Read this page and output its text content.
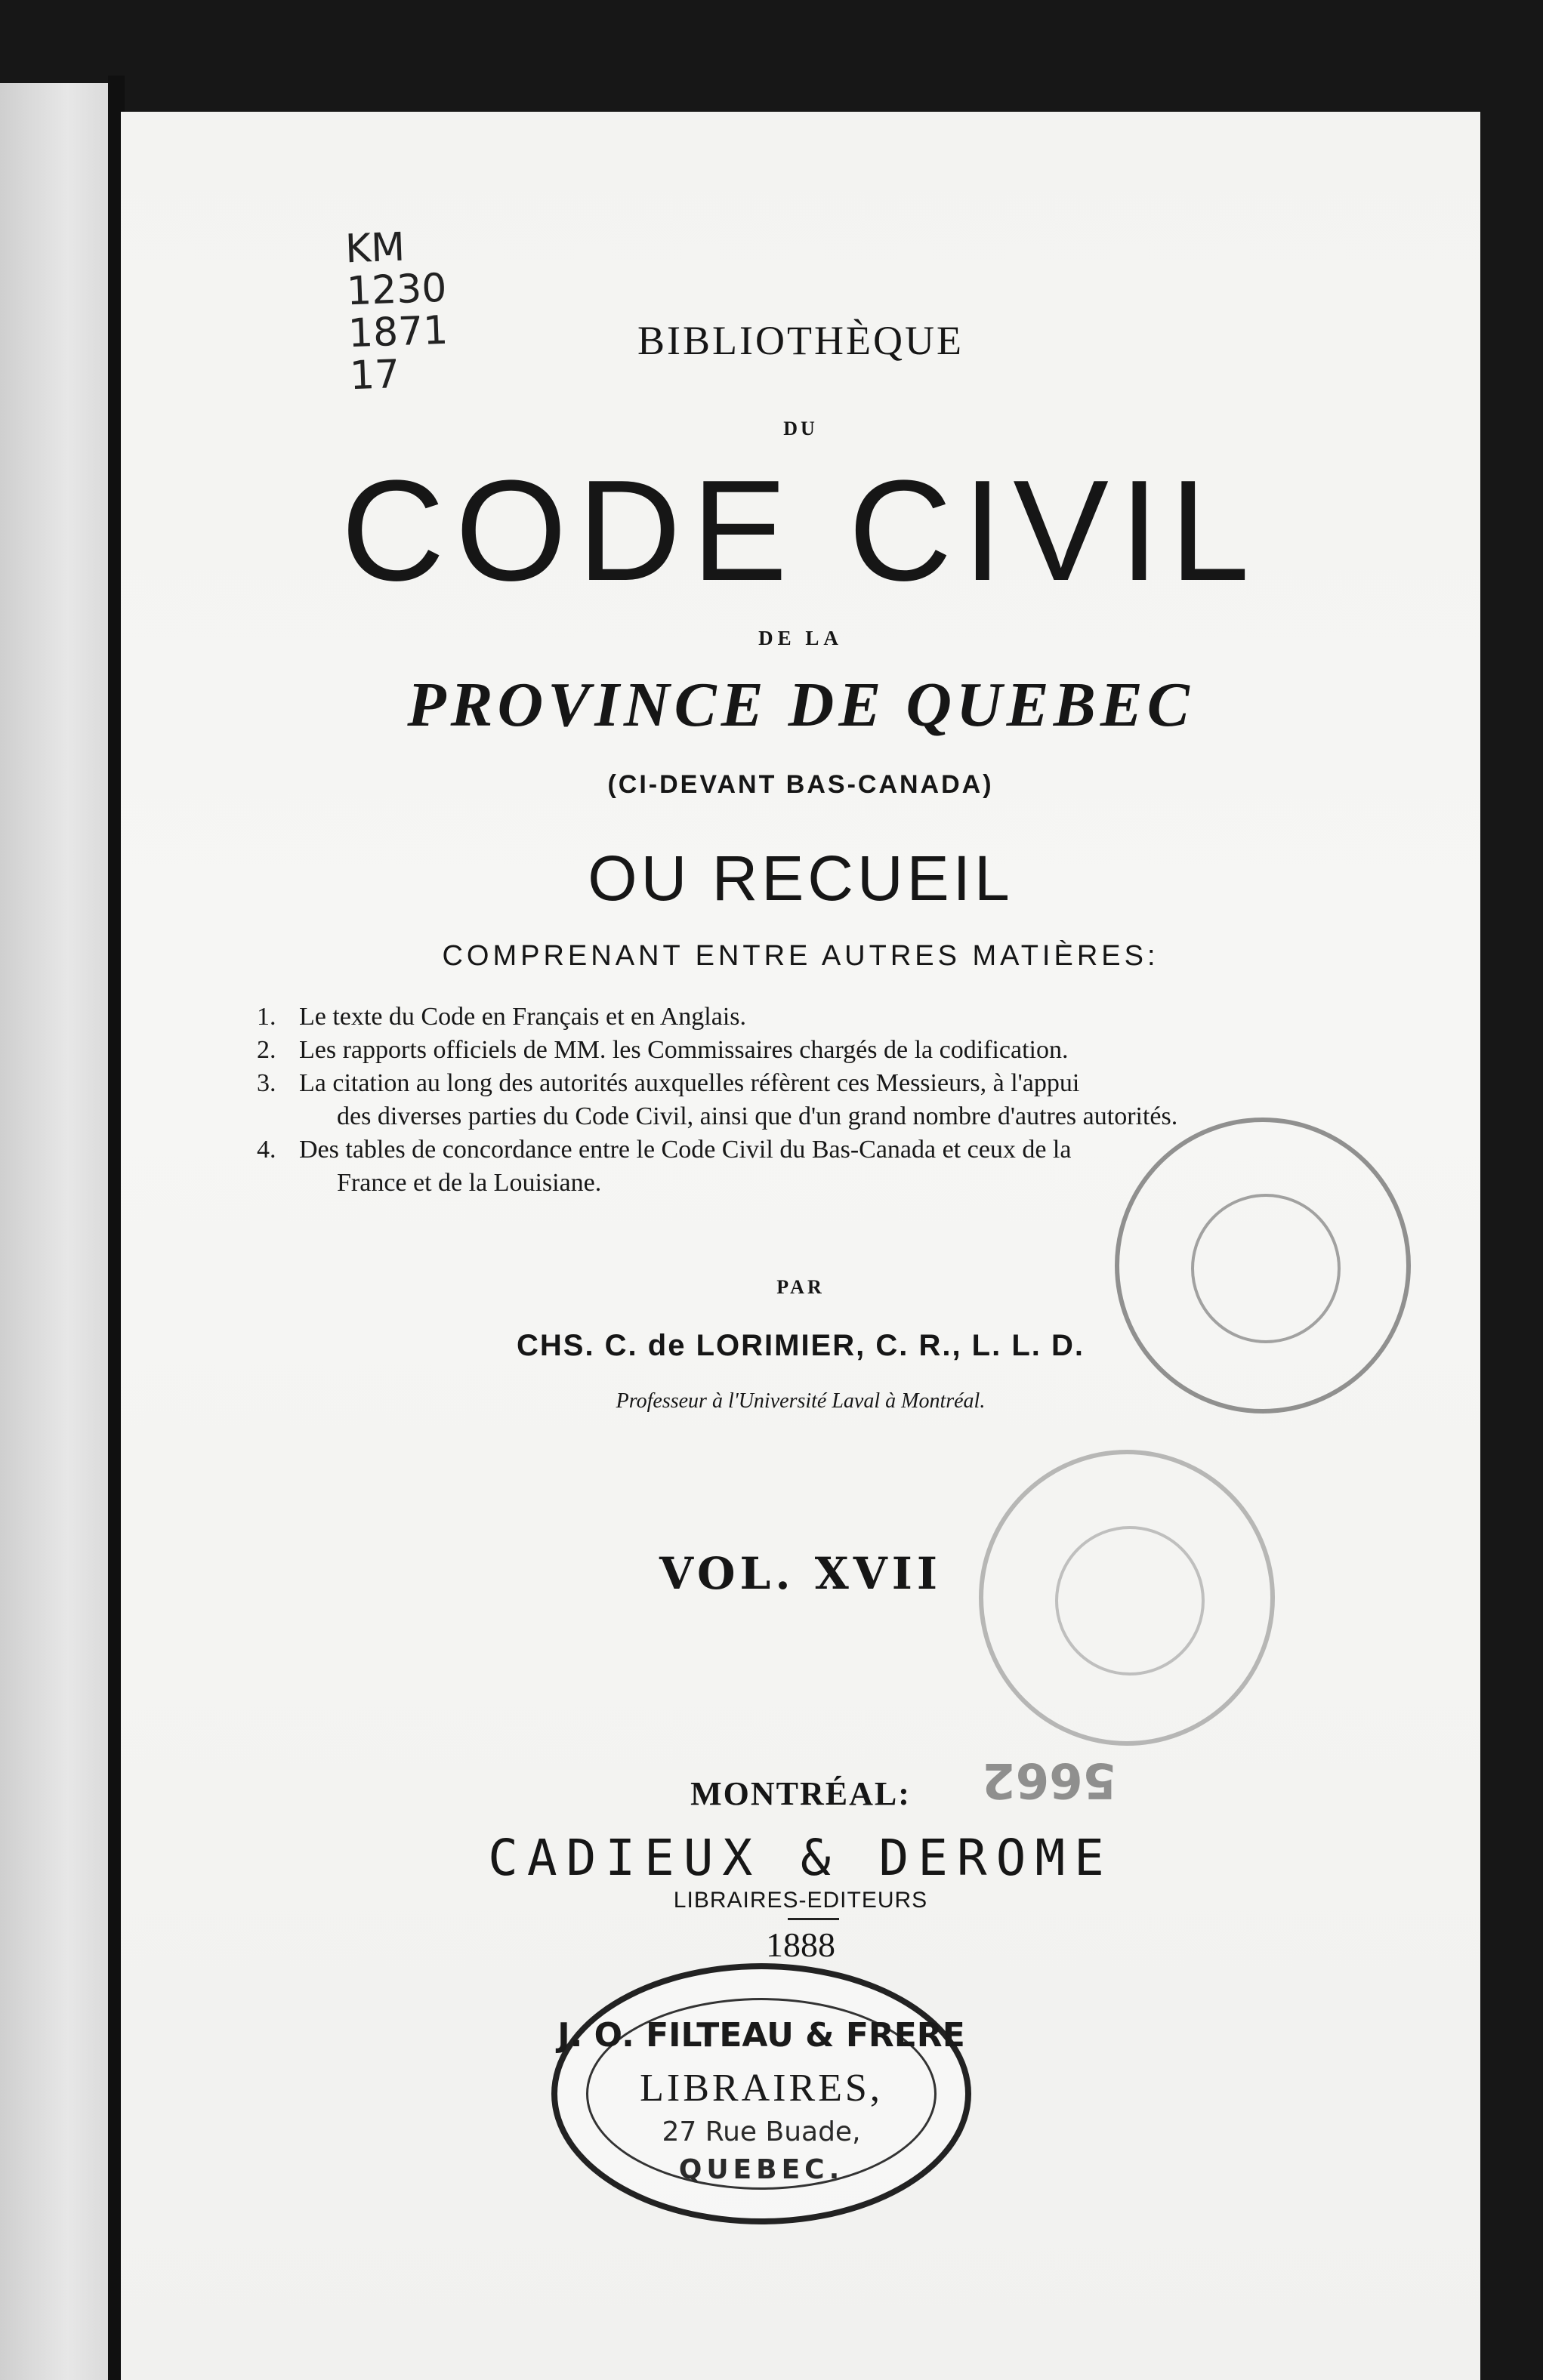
KM
1230
1871
17
BIBLIOTHÈQUE
DU
CODE CIVIL
DE LA
PROVINCE DE QUEBEC
(CI-DEVANT BAS-CANADA)
OU RECUEIL
COMPRENANT ENTRE AUTRES MATIÈRES:
1. Le texte du Code en Français et en Anglais.
2. Les rapports officiels de MM. les Commissaires chargés de la codification.
3. La citation au long des autorités auxquelles réfèrent ces Messieurs, à l'appui
des diverses parties du Code Civil, ainsi que d'un grand nombre d'autres autorités.
4. Des tables de concordance entre le Code Civil du Bas-Canada et ceux de la
France et de la Louisiane.
PAR
CHS. C. de LORIMIER, C. R., L. L. D.
Professeur à l'Université Laval à Montréal.
VOL. XVII
5662
MONTRÉAL:
CADIEUX & DEROME
LIBRAIRES-EDITEURS
1888
J. O. FILTEAU & FRERE
LIBRAIRES,
27 Rue Buade,
QUEBEC.
